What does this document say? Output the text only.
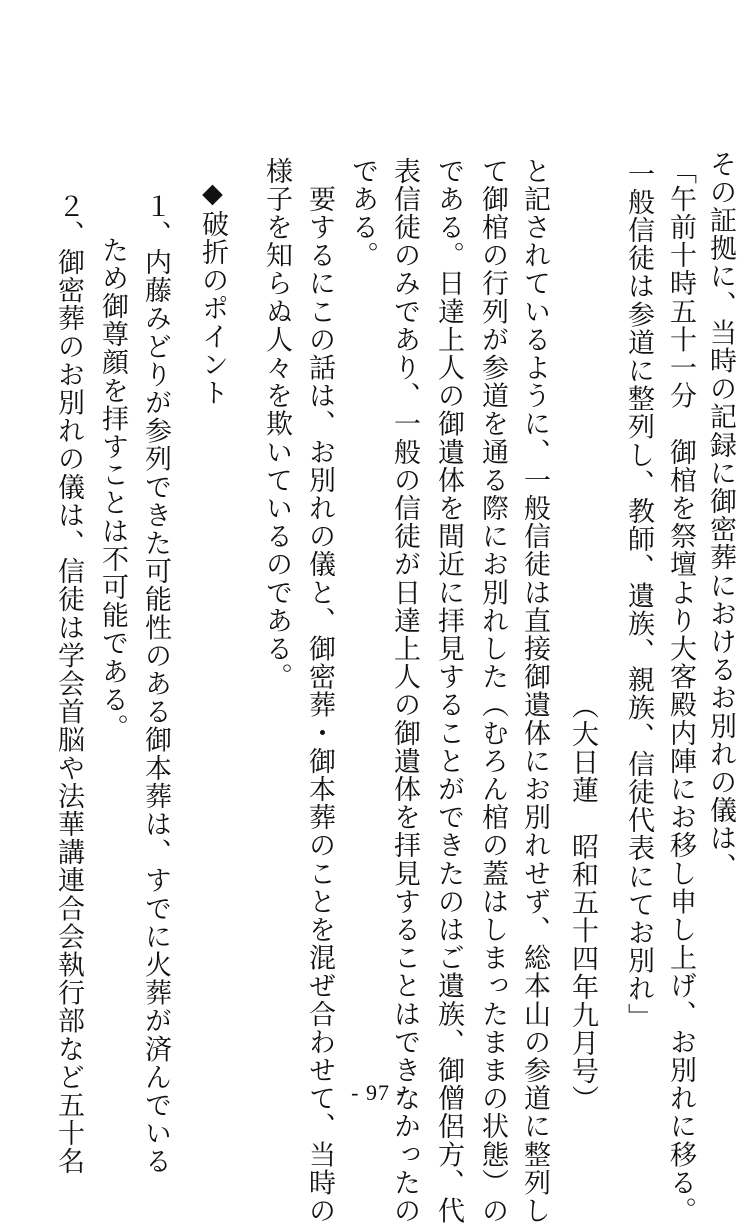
その証拠に、当時の記録に御密葬におけるお別れの儀は、
「午前十時五十一分　御棺を祭壇より大客殿内陣にお移し申し上げ、お別れに移る。
一般信徒は参道に整列し、教師、遺族、親族、信徒代表にてお別れ」
（大日蓮　昭和五十四年九月号）
と記されているように、一般信徒は直接御遺体にお別れせず、総本山の参道に整列し
て御棺の行列が参道を通る際にお別れした（むろん棺の蓋はしまったままの状態）の
である。日達上人の御遺体を間近に拝見することができたのはご遺族、御僧侶方、代
表信徒のみであり、一般の信徒が日達上人の御遺体を拝見することはできなかったの
である。
　要するにこの話は、お別れの儀と、御密葬・御本葬のことを混ぜ合わせて、当時の
様子を知らぬ人々を欺いているのである。
◆破折のポイント
１、内藤みどりが参列できた可能性のある御本葬は、すでに火葬が済んでいる
ため御尊顔を拝すことは不可能である。
２、御密葬のお別れの儀は、信徒は学会首脳や法華講連合会執行部など五十名	- 97 -
